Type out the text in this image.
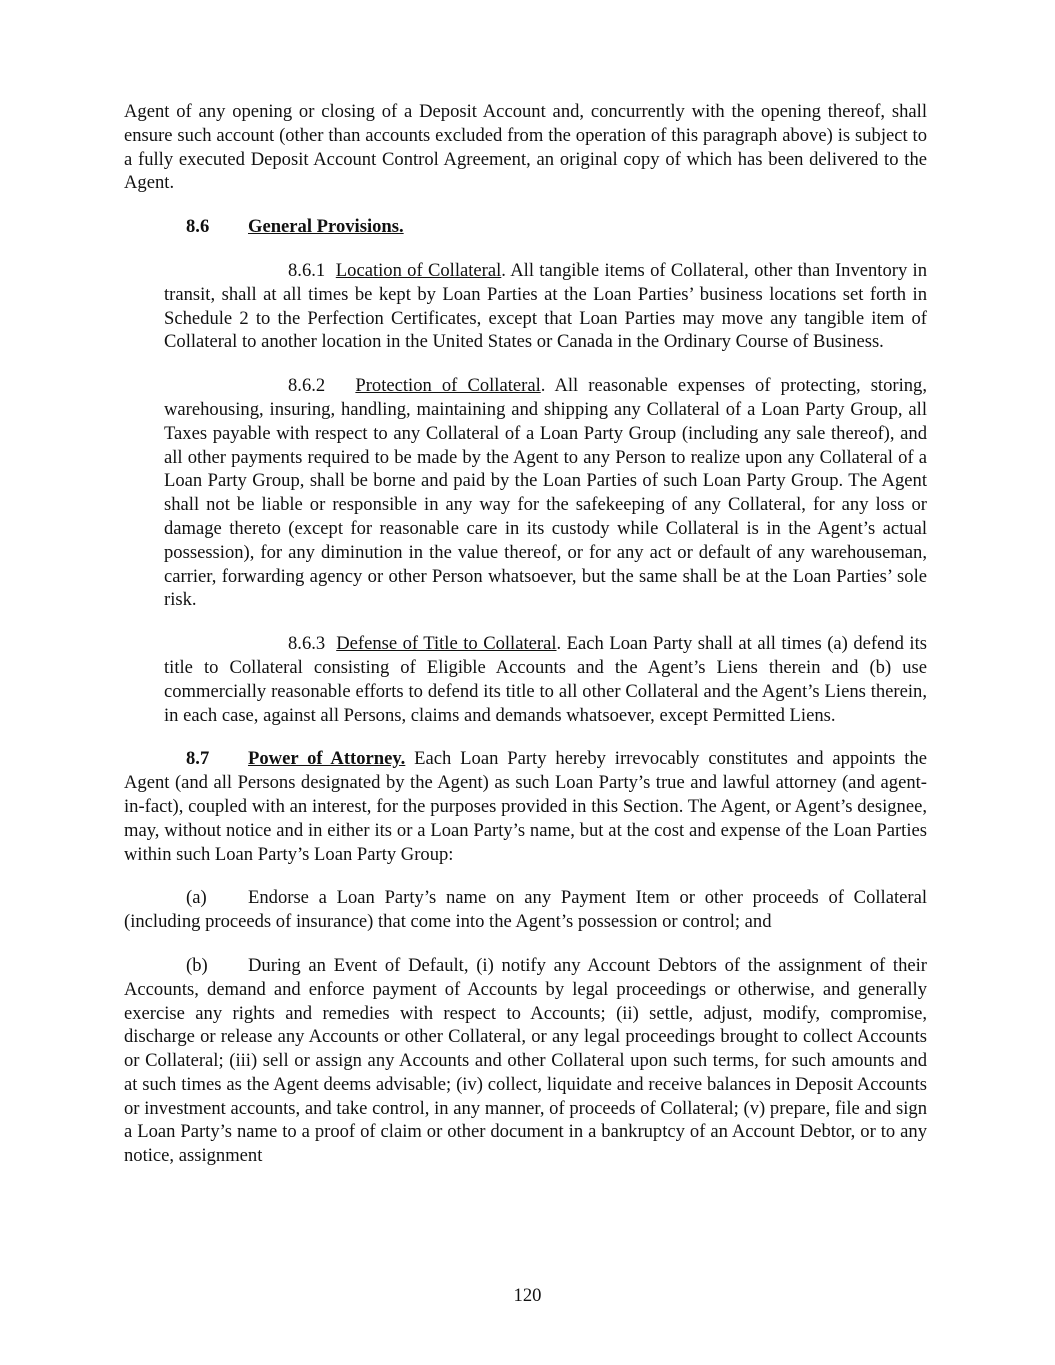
Agent of any opening or closing of a Deposit Account and, concurrently with the opening thereof, shall ensure such account (other than accounts excluded from the operation of this paragraph above) is subject to a fully executed Deposit Account Control Agreement, an original copy of which has been delivered to the Agent.

8.6 General Provisions.

8.6.1 Location of Collateral. All tangible items of Collateral, other than Inventory in transit, shall at all times be kept by Loan Parties at the Loan Parties’ business locations set forth in Schedule 2 to the Perfection Certificates, except that Loan Parties may move any tangible item of Collateral to another location in the United States or Canada in the Ordinary Course of Business.

8.6.2 Protection of Collateral. All reasonable expenses of protecting, storing, warehousing, insuring, handling, maintaining and shipping any Collateral of a Loan Party Group, all Taxes payable with respect to any Collateral of a Loan Party Group (including any sale thereof), and all other payments required to be made by the Agent to any Person to realize upon any Collateral of a Loan Party Group, shall be borne and paid by the Loan Parties of such Loan Party Group. The Agent shall not be liable or responsible in any way for the safekeeping of any Collateral, for any loss or damage thereto (except for reasonable care in its custody while Collateral is in the Agent’s actual possession), for any diminution in the value thereof, or for any act or default of any warehouseman, carrier, forwarding agency or other Person whatsoever, but the same shall be at the Loan Parties’ sole risk.

8.6.3 Defense of Title to Collateral. Each Loan Party shall at all times (a) defend its title to Collateral consisting of Eligible Accounts and the Agent’s Liens therein and (b) use commercially reasonable efforts to defend its title to all other Collateral and the Agent’s Liens therein, in each case, against all Persons, claims and demands whatsoever, except Permitted Liens.

8.7 Power of Attorney. Each Loan Party hereby irrevocably constitutes and appoints the Agent (and all Persons designated by the Agent) as such Loan Party’s true and lawful attorney (and agent-in-fact), coupled with an interest, for the purposes provided in this Section. The Agent, or Agent’s designee, may, without notice and in either its or a Loan Party’s name, but at the cost and expense of the Loan Parties within such Loan Party’s Loan Party Group:

(a) Endorse a Loan Party’s name on any Payment Item or other proceeds of Collateral (including proceeds of insurance) that come into the Agent’s possession or control; and

(b) During an Event of Default, (i) notify any Account Debtors of the assignment of their Accounts, demand and enforce payment of Accounts by legal proceedings or otherwise, and generally exercise any rights and remedies with respect to Accounts; (ii) settle, adjust, modify, compromise, discharge or release any Accounts or other Collateral, or any legal proceedings brought to collect Accounts or Collateral; (iii) sell or assign any Accounts and other Collateral upon such terms, for such amounts and at such times as the Agent deems advisable; (iv) collect, liquidate and receive balances in Deposit Accounts or investment accounts, and take control, in any manner, of proceeds of Collateral; (v) prepare, file and sign a Loan Party’s name to a proof of claim or other document in a bankruptcy of an Account Debtor, or to any notice, assignment

120
